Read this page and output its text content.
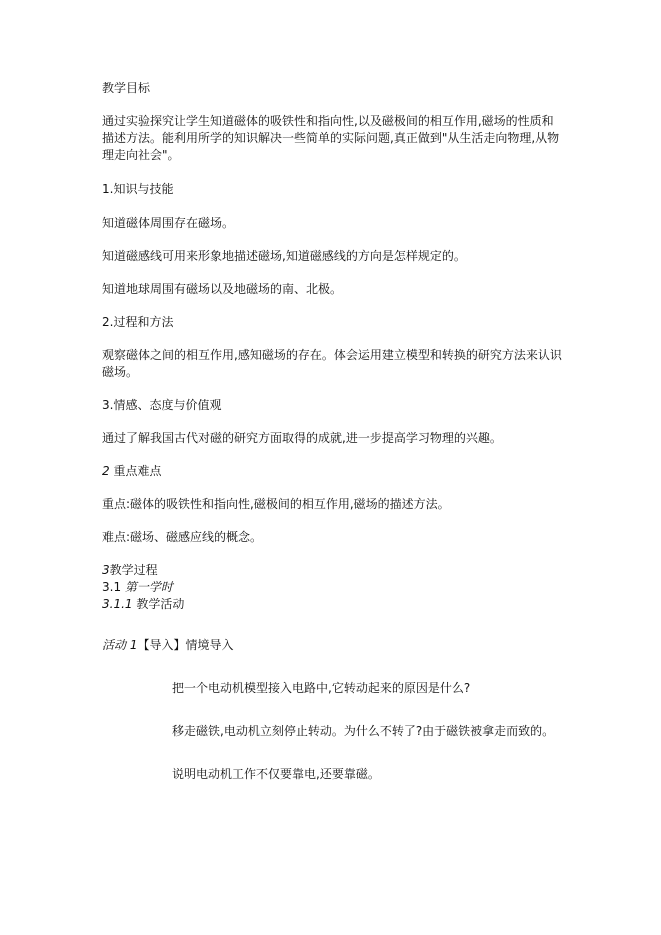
教学目标

通过实验探究让学生知道磁体的吸铁性和指向性,以及磁极间的相互作用,磁场的性质和描述方法。能利用所学的知识解决一些简单的实际问题,真正做到"从生活走向物理,从物理走向社会"。

1.知识与技能

知道磁体周围存在磁场。

知道磁感线可用来形象地描述磁场,知道磁感线的方向是怎样规定的。

知道地球周围有磁场以及地磁场的南、北极。

2.过程和方法

观察磁体之间的相互作用,感知磁场的存在。体会运用建立模型和转换的研究方法来认识磁场。

3.情感、态度与价值观

通过了解我国古代对磁的研究方面取得的成就,进一步提高学习物理的兴趣。

2 重点难点

重点:磁体的吸铁性和指向性,磁极间的相互作用,磁场的描述方法。

难点:磁场、磁感应线的概念。

3教学过程

3.1 第一学时

3.1.1 教学活动

活动 1【导入】情境导入

把一个电动机模型接入电路中,它转动起来的原因是什么?

移走磁铁,电动机立刻停止转动。为什么不转了?由于磁铁被拿走而致的。

说明电动机工作不仅要靠电,还要靠磁。
